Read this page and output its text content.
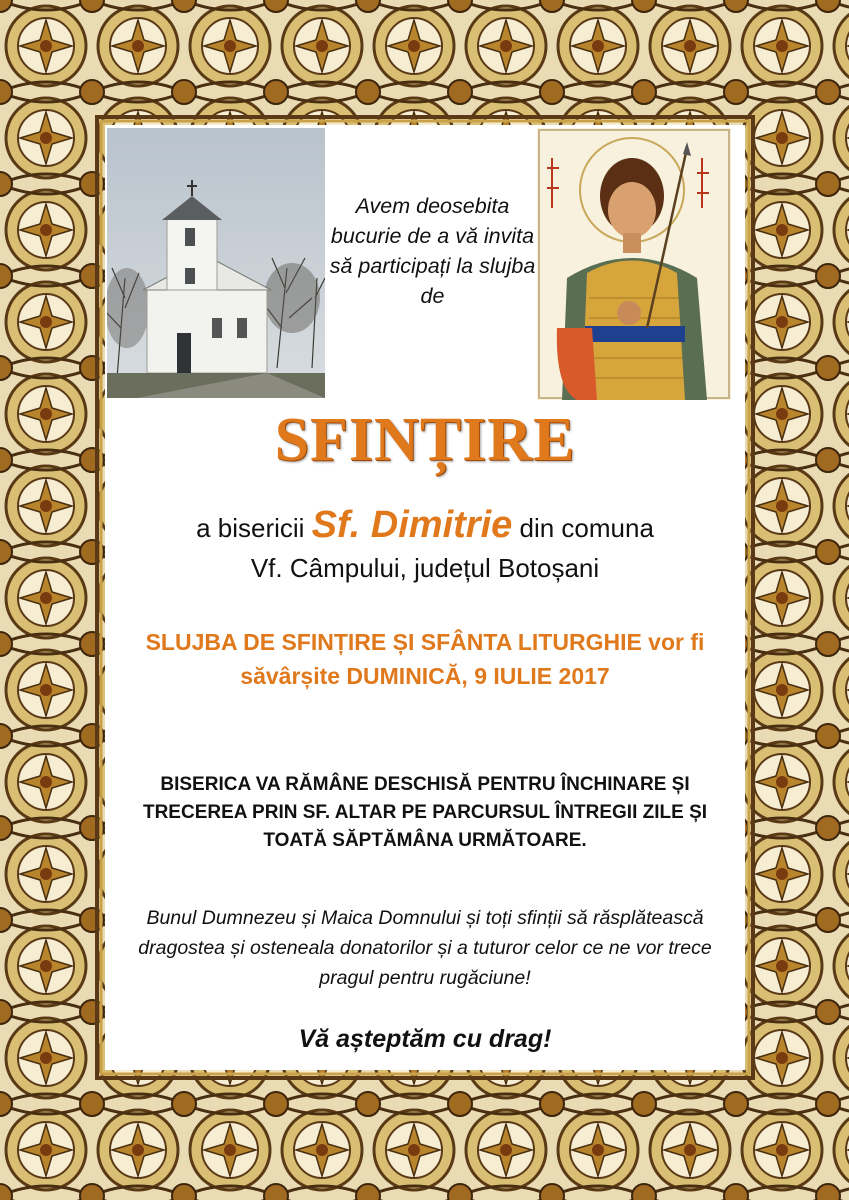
Avem deosebita bucurie de a vă invita să participați la slujba de
SFINȚIRE
a bisericii Sf. Dimitrie din comuna
Vf. Câmpului, județul Botoșani
SLUJBA DE SFINȚIRE ȘI SFÂNTA LITURGHIE vor fi săvârșite DUMINICĂ, 9 IULIE 2017
BISERICA VA RĂMÂNE DESCHISĂ PENTRU ÎNCHINARE ȘI TRECEREA PRIN SF. ALTAR PE PARCURSUL ÎNTREGII ZILE ȘI TOATĂ SĂPTĂMÂNA URMĂTOARE.
Bunul Dumnezeu și Maica Domnului și toți sfinții să răsplătească dragostea și osteneala donatorilor și a tuturor celor ce ne vor trece pragul pentru rugăciune!
Vă așteptăm cu drag!
